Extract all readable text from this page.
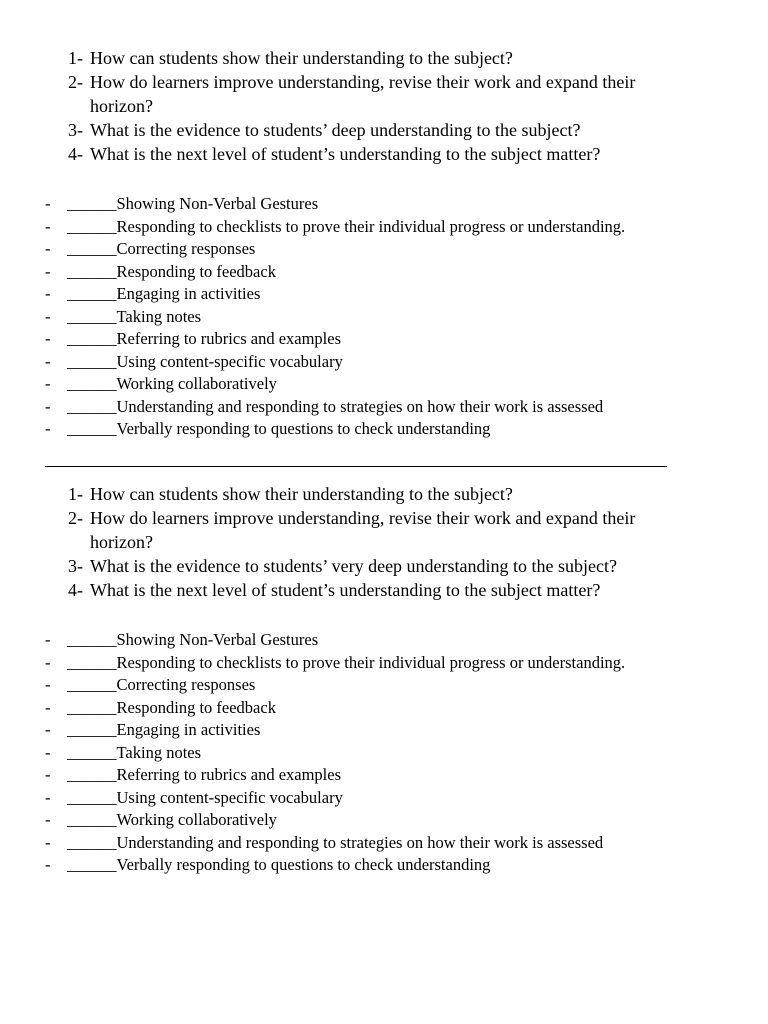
1- How can students show their understanding to the subject?
2- How do learners improve understanding, revise their work and expand their horizon?
3- What is the evidence to students’ deep understanding to the subject?
4- What is the next level of student’s understanding to the subject matter?
- ______Showing Non-Verbal Gestures
- ______Responding to checklists to prove their individual progress or understanding.
- ______Correcting responses
- ______Responding to feedback
- ______Engaging in activities
- ______Taking notes
- ______Referring to rubrics and examples
- ______Using content-specific vocabulary
- ______Working collaboratively
- ______Understanding and responding to strategies on how their work is assessed
- ______Verbally responding to questions to check understanding
1- How can students show their understanding to the subject?
2- How do learners improve understanding, revise their work and expand their horizon?
3- What is the evidence to students’ very deep understanding to the subject?
4- What is the next level of student’s understanding to the subject matter?
- ______Showing Non-Verbal Gestures
- ______Responding to checklists to prove their individual progress or understanding.
- ______Correcting responses
- ______Responding to feedback
- ______Engaging in activities
- ______Taking notes
- ______Referring to rubrics and examples
- ______Using content-specific vocabulary
- ______Working collaboratively
- ______Understanding and responding to strategies on how their work is assessed
- ______Verbally responding to questions to check understanding
